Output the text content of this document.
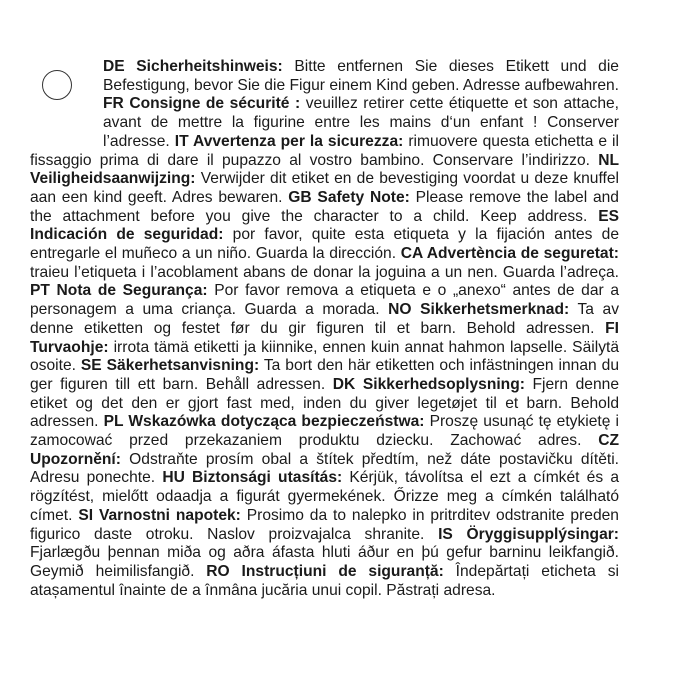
DE Sicherheitshinweis: Bitte entfernen Sie dieses Etikett und die Befestigung, bevor Sie die Figur einem Kind geben. Adresse aufbewahren. FR Consigne de sécurité : veuillez retirer cette étiquette et son attache, avant de mettre la figurine entre les mains d‘un enfant ! Conserver l’adresse. IT Avvertenza per la sicurezza: rimuovere questa etichetta e il fissaggio prima di dare il pupazzo al vostro bambino. Conservare l’indirizzo. NL Veiligheidsaanwijzing: Verwijder dit etiket en de bevestiging voordat u deze knuffel aan een kind geeft. Adres bewaren. GB Safety Note: Please remove the label and the attachment before you give the character to a child. Keep address. ES Indicación de seguridad: por favor, quite esta etiqueta y la fijación antes de entregarle el muñeco a un niño. Guarda la dirección. CA Advertència de seguretat: traieu l’etiqueta i l’acoblament abans de donar la joguina a un nen. Guarda l’adreça. PT Nota de Segurança: Por favor remova a etiqueta e o „anexo“ antes de dar a personagem a uma criança. Guarda a morada. NO Sikkerhetsmerknad: Ta av denne etiketten og festet før du gir figuren til et barn. Behold adressen. FI Turvaohje: irrota tämä etiketti ja kiinnike, ennen kuin annat hahmon lapselle. Säilytä osoite. SE Säkerhetsanvisning: Ta bort den här etiketten och infästningen innan du ger figuren till ett barn. Behåll adressen. DK Sikkerhedsoplysning: Fjern denne etiket og det den er gjort fast med, inden du giver legetøjet til et barn. Behold adressen. PL Wskazówka dotycząca bezpieczeństwa: Proszę usunąć tę etykietę i zamocować przed przekazaniem produktu dziecku. Zachować adres. CZ Upozornění: Odstraňte prosím obal a štítek předtím, než dáte postavičku dítěti. Adresu ponechte. HU Biztonsági utasítás: Kérjük, távolítsa el ezt a címkét és a rögzítést, mielőtt odaadja a figurát gyermekének. Őrizze meg a címkén található címet. SI Varnostni napotek: Prosimo da to nalepko in pritrditev odstranite preden figurico daste otroku. Naslov proizvajalca shranite. IS Öryggisupplýsingar: Fjarlægðu þennan miða og aðra áfasta hluti áður en þú gefur barninu leikfangið. Geymið heimilisfangið. RO Instrucțiuni de siguranță: Îndepărtați eticheta si atașamentul înainte de a înmâna jucăria unui copil. Păstrați adresa.
